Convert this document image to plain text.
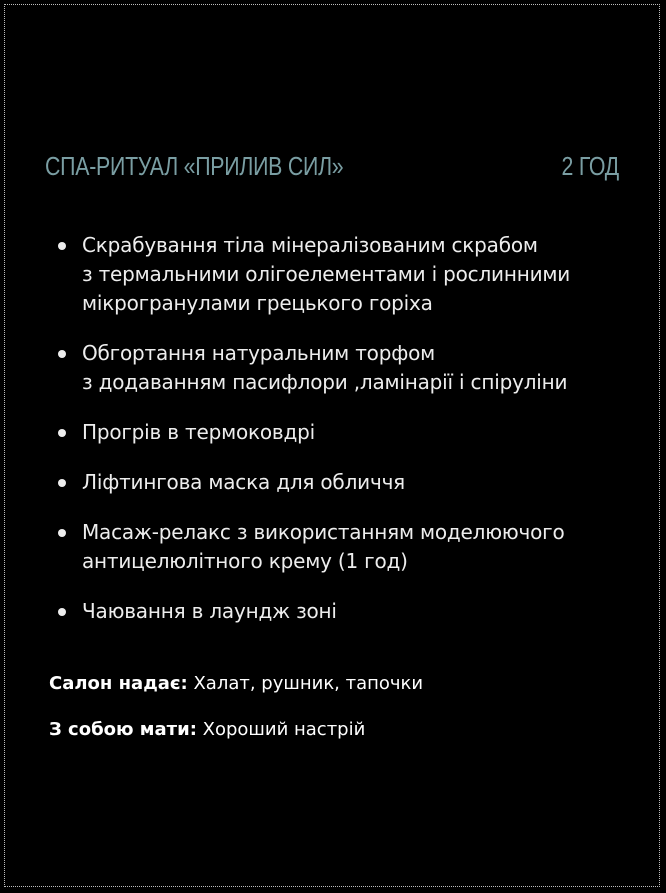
СПА-РИТУАЛ «ПРИЛИВ СИЛ»	2 ГОД
Скрабування тіла мінералізованим скрабом
з термальними олігоелементами і рослинними
мікрогранулами грецького горіха
Обгортання натуральним торфом
з додаванням пасифлори ,ламінарії і спіруліни
Прогрів в термоковдрі
Ліфтингова маска для обличчя
Масаж-релакс з використанням моделюючого
антицелюлітного крему (1 год)
Чаювання в лаундж зоні
Салон надає: Халат, рушник, тапочки
З собою мати: Хороший настрій
